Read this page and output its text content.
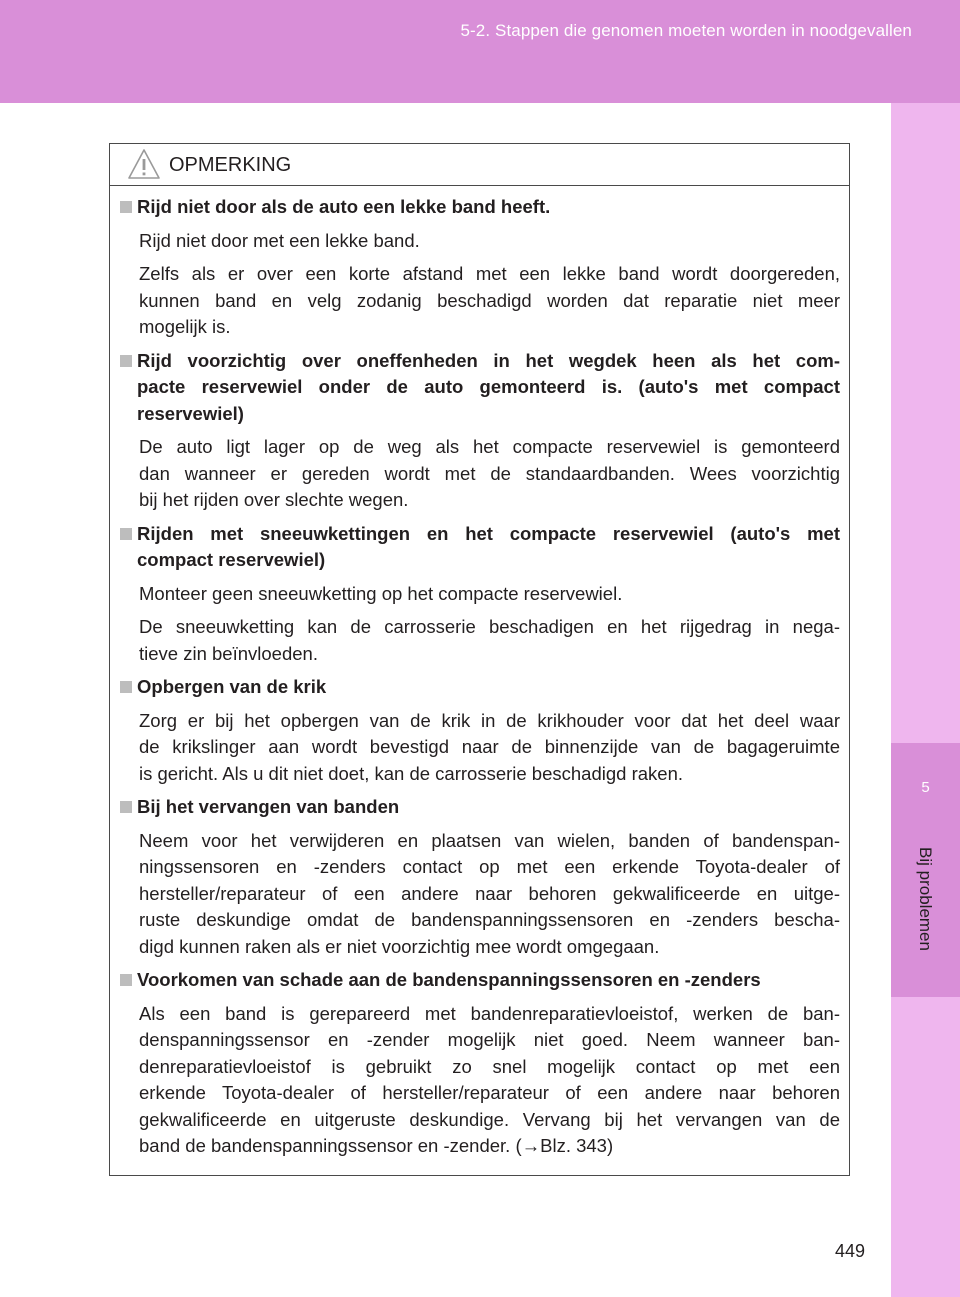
5-2. Stappen die genomen moeten worden in noodgevallen
5
Bij problemen
OPMERKING
Rijd niet door als de auto een lekke band heeft.
Rijd niet door met een lekke band.
Zelfs als er over een korte afstand met een lekke band wordt doorgereden,
kunnen band en velg zodanig beschadigd worden dat reparatie niet meer
mogelijk is.
Rijd voorzichtig over oneffenheden in het wegdek heen als het com-
pacte reservewiel onder de auto gemonteerd is. (auto's met compact
reservewiel)
De auto ligt lager op de weg als het compacte reservewiel is gemonteerd
dan wanneer er gereden wordt met de standaardbanden. Wees voorzichtig
bij het rijden over slechte wegen.
Rijden met sneeuwkettingen en het compacte reservewiel (auto's met
compact reservewiel)
Monteer geen sneeuwketting op het compacte reservewiel.
De sneeuwketting kan de carrosserie beschadigen en het rijgedrag in nega-
tieve zin beïnvloeden.
Opbergen van de krik
Zorg er bij het opbergen van de krik in de krikhouder voor dat het deel waar
de krikslinger aan wordt bevestigd naar de binnenzijde van de bagageruimte
is gericht. Als u dit niet doet, kan de carrosserie beschadigd raken.
Bij het vervangen van banden
Neem voor het verwijderen en plaatsen van wielen, banden of bandenspan-
ningssensoren en -zenders contact op met een erkende Toyota-dealer of
hersteller/reparateur of een andere naar behoren gekwalificeerde en uitge-
ruste deskundige omdat de bandenspanningssensoren en -zenders bescha-
digd kunnen raken als er niet voorzichtig mee wordt omgegaan.
Voorkomen van schade aan de bandenspanningssensoren en -zenders
Als een band is gerepareerd met bandenreparatievloeistof, werken de ban-
denspanningssensor en -zender mogelijk niet goed. Neem wanneer ban-
denreparatievloeistof is gebruikt zo snel mogelijk contact op met een
erkende Toyota-dealer of hersteller/reparateur of een andere naar behoren
gekwalificeerde en uitgeruste deskundige. Vervang bij het vervangen van de
band de bandenspanningssensor en -zender. (→Blz. 343)
449
